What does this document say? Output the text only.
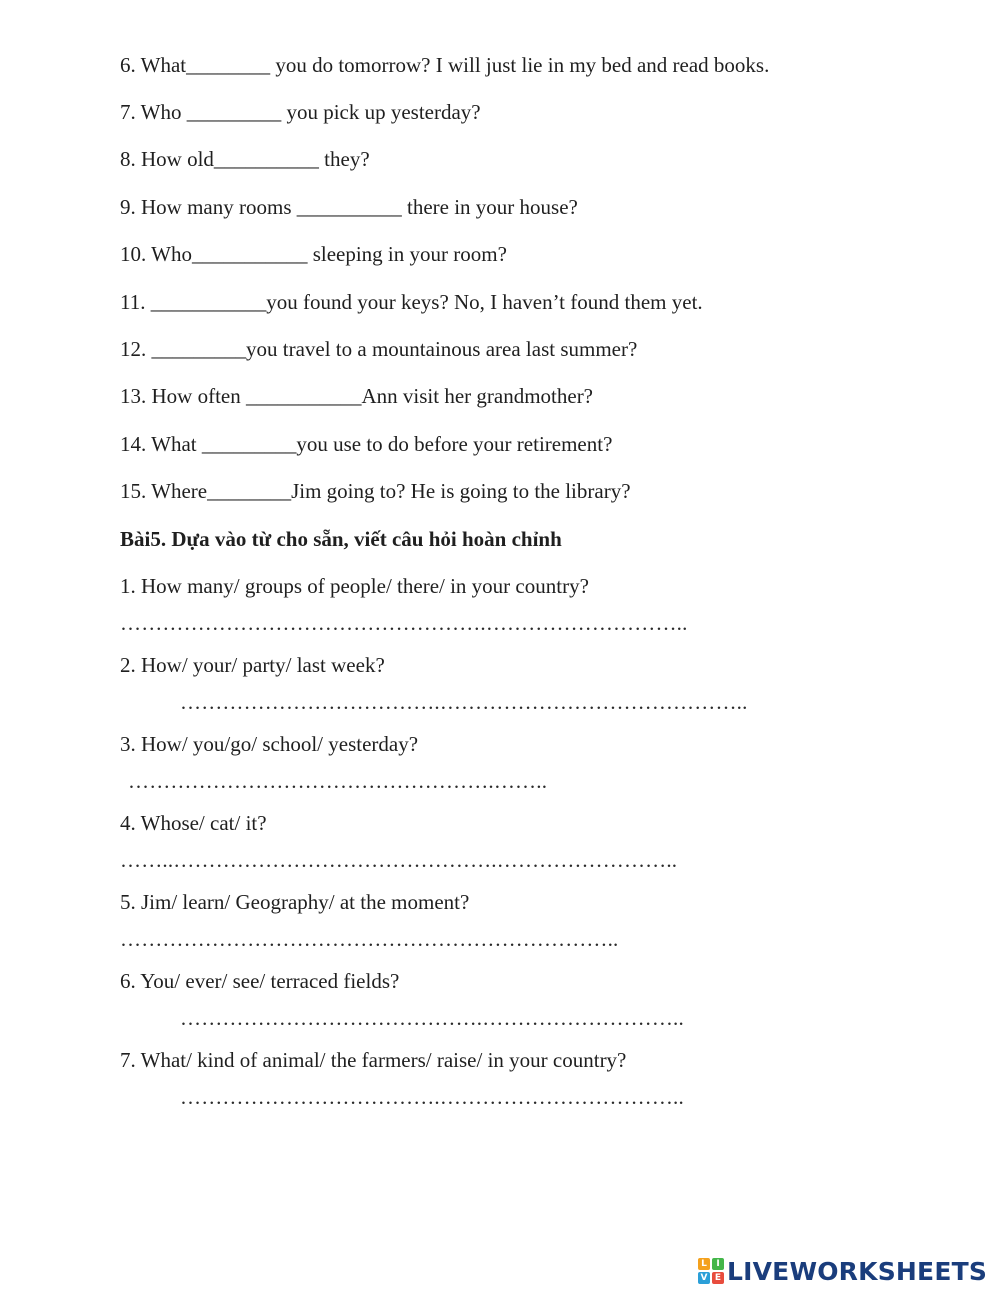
6. What________ you do tomorrow? I will just lie in my bed and read books.
7. Who _________ you pick up yesterday?
8. How old__________ they?
9. How many rooms __________ there in your house?
10. Who___________ sleeping in your room?
11. ___________you found your keys? No, I haven’t found them yet.
12. _________you travel to a mountainous area last summer?
13. How often ___________Ann visit her grandmother?
14. What _________you use to do before your retirement?
15. Where________Jim going to? He is going to the library?
Bài5. Dựa vào từ cho sẵn, viết câu hỏi hoàn chỉnh
1. How many/ groups of people/ there/ in your country?
…………………………………………….………………………..
2. How/ your/ party/ last week?
……………………………….……………………………………..
3. How/ you/go/ school/ yesterday?
…………………………………………….……..
4. Whose/ cat/ it?
……..……………………………………….……………………..
5. Jim/ learn/ Geography/ at the moment?
……………………………………………………………..
6. You/ ever/ see/ terraced fields?
…………………………………….………………………..
7. What/ kind of animal/ the farmers/ raise/ in your country?
……………………………….……………………………..
L	I
V E LIVEWORKSHEETS
